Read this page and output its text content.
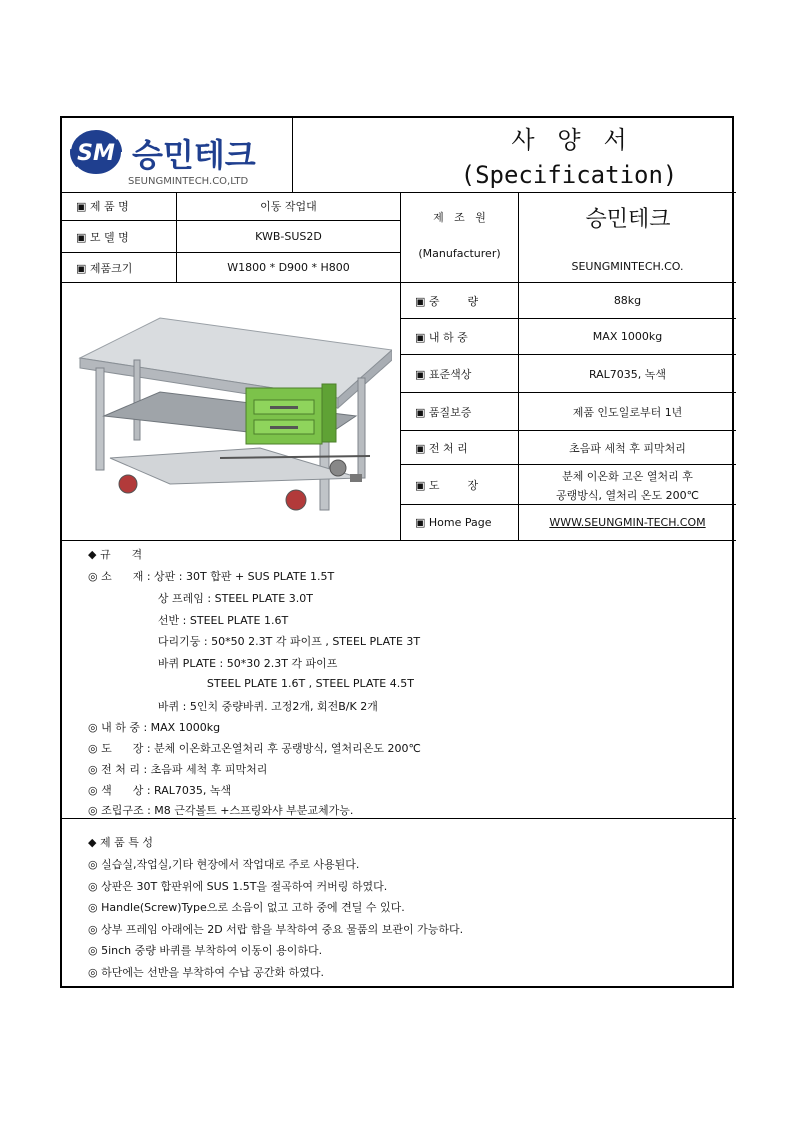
SM 승민테크
SEUNGMINTECH.CO,LTD
사   양   서
(Specification)
▣ 제 품 명	이동 작업대
▣ 모 델 명	KWB-SUS2D
▣ 제품크기	W1800 * D900 * H800
제   조   원
(Manufacturer)
승민테크
SEUNGMINTECH.CO.
▣ 중        량	88kg
▣ 내 하 중	MAX 1000kg
▣ 표준색상	RAL7035, 녹색
▣ 품질보증	제품 인도일로부터 1년
▣ 전 처 리	초음파 세척 후 피막처리
▣ 도        장
분체 이온화 고온 열처리 후
공랭방식, 열처리 온도 200℃
▣ Home Page	WWW.SEUNGMIN-TECH.COM
◆ 규      격
◎ 소      재 : 상판 : 30T 합판 + SUS PLATE 1.5T
상 프레임 : STEEL PLATE 3.0T
선반 : STEEL PLATE 1.6T
다리기둥 : 50*50 2.3T 각 파이프 , STEEL PLATE 3T
바퀴 PLATE : 50*30 2.3T 각 파이프
STEEL PLATE 1.6T , STEEL PLATE 4.5T
바퀴 : 5인치 중량바퀴. 고정2개, 회전B/K 2개
◎ 내 하 중 : MAX 1000kg
◎ 도      장 : 분체 이온화고온열처리 후 공랭방식, 열처리온도 200℃
◎ 전 처 리 : 초음파 세척 후 피막처리
◎ 색      상 : RAL7035, 녹색
◎ 조립구조 : M8 근각볼트 +스프링와샤 부분교체가능.
◆ 제 품 특 성
◎ 실습실,작업실,기타 현장에서 작업대로 주로 사용된다.
◎ 상판은 30T 합판위에 SUS 1.5T을 절곡하여 커버링 하였다.
◎ Handle(Screw)Type으로 소음이 없고 고하 중에 견딜 수 있다.
◎ 상부 프레임 아래에는 2D 서랍 함을 부착하여 중요 물품의 보관이 가능하다.
◎ 5inch 중량 바퀴를 부착하여 이동이 용이하다.
◎ 하단에는 선반을 부착하여 수납 공간화 하였다.
